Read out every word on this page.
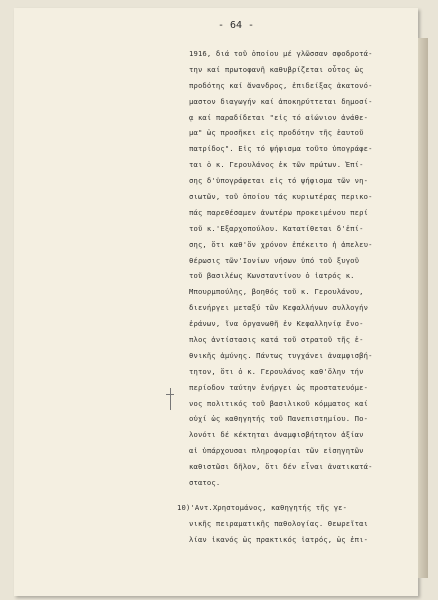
- 64 -
1916, διά τοῦ ὁποίου μέ γλῶσσαν σφοδροτά-
την καί πρωτοφανῆ καθυβρίζεται οὗτος ὡς
προδότης καί ἄνανδρος, ἐπιδείξας ἀκατονό-
μαστον διαγωγήν καί ἀποκηρύττεται δημοσί-
ᾳ καί παραδίδεται "εἰς τό αἰώνιον ἀνάθε-
μα" ὡς προσῆκει εἰς προδότην τῆς ἑαυτοῦ
πατρίδος". Εἰς τό ψήφισμα τοῦτο ὑπογράφε-
ται ὁ κ. Γερουλάνος ἐκ τῶν πρώτων. Ἐπί-
σης δ'ὑπογράφεται εἰς τό ψήφισμα τῶν νη-
σιωτῶν, τοῦ ὁποίου τάς κυριωτέρας περικο-
πάς παρεθέσαμεν ἀνωτέρω προκειμένου περί
τοῦ κ.'Εξαρχοπούλου. Κατατίθεται δ'ἐπί-
σης, ὅτι καθ'ὅν χρόνον ἐπέκειτο ἡ ἀπελευ-
θέρωσις τῶν'Ιονίων νήσων ὑπό τοῦ ξυγοῦ
τοῦ βασιλέως Κωνσταντίνου ὁ ἰατρός κ.
Μπουρμπούλης, βοηθός τοῦ κ. Γερουλάνου,
διενήργει μεταξύ τῶν Κεφαλλήνων συλλογήν
ἐράνων, ἵνα ὀργανωθῆ ἐν Κεφαλληνίᾳ ἔνο-
πλος ἀντίστασις κατά τοῦ στρατοῦ τῆς ἐ-
θνικῆς ἀμύνης. Πάντως τυγχάνει ἀναμφισβή-
τητον, ὅτι ὁ κ. Γερουλάνος καθ'ὅλην τήν
περίοδον ταύτην ἐνήργει ὡς προστατευόμε-
νος πολιτικός τοῦ βασιλικοῦ κόμματος καί
οὐχί ὡς καθηγητής τοῦ Πανεπιστημίου. Πο-
λονότι δέ κέκτηται ἀναμφισβήτητον ἀξίαν
αἱ ὑπάρχουσαι πληροφορίαι τῶν εἰσηγητῶν
καθιστῶσι δῆλον, ὅτι δέν εἶναι ἀνατικατά-
στατος.
10)'Αντ.Χρηστομάνος, καθηγητής τῆς γε-
νικῆς πειραματικῆς παθολογίας. Θεωρεῖται
λίαν ἱκανός ὡς πρακτικός ἰατρός, ὡς ἐπι-
